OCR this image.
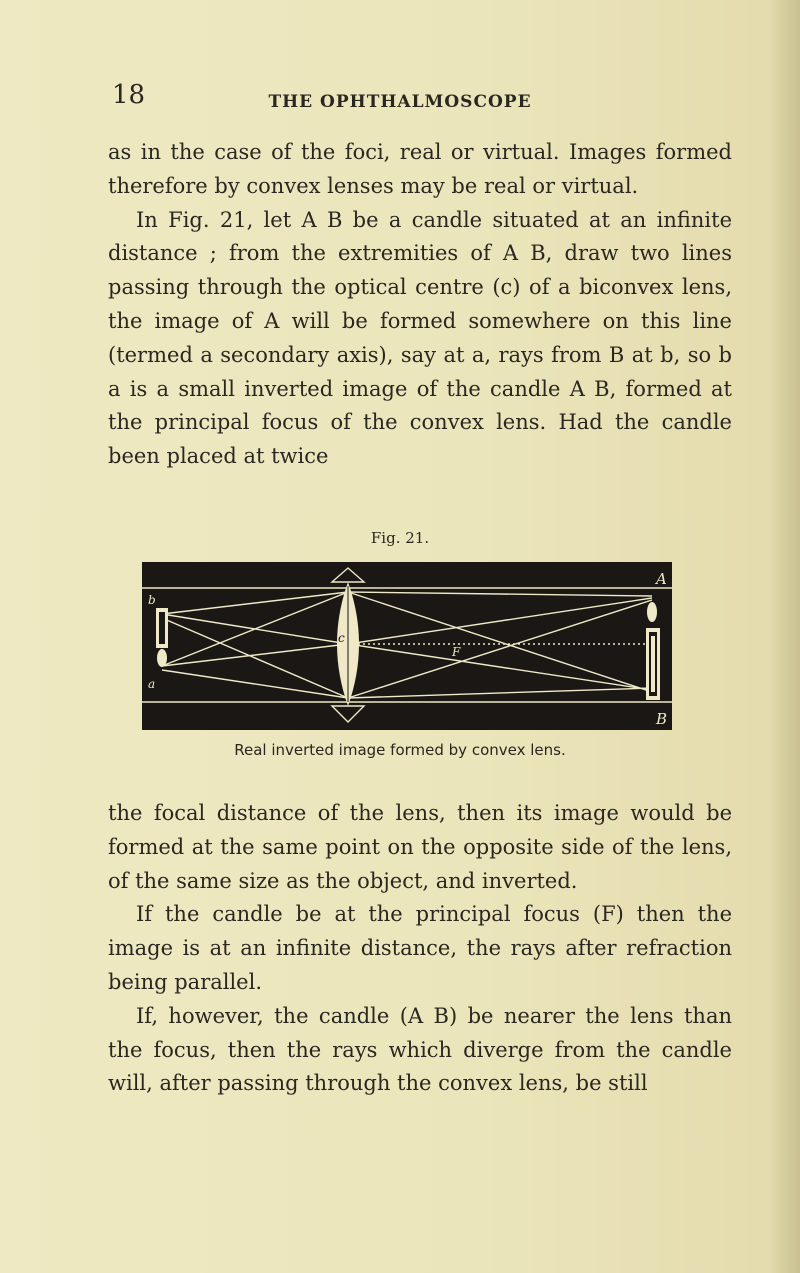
18	THE OPHTHALMOSCOPE

as in the case of the foci, real or virtual. Images formed therefore by convex lenses may be real or virtual.

In Fig. 21, let A B be a candle situated at an infinite distance ; from the extremities of A B, draw two lines passing through the optical centre (c) of a biconvex lens, the image of A will be formed somewhere on this line (termed a secondary axis), say at a, rays from B at b, so b a is a small inverted image of the candle A B, formed at the principal focus of the convex lens. Had the candle been placed at twice

Fig. 21.
A
B
a
b
c
F
Real inverted image formed by convex lens.

the focal distance of the lens, then its image would be formed at the same point on the opposite side of the lens, of the same size as the object, and inverted.

If the candle be at the principal focus (F) then the image is at an infinite distance, the rays after refraction being parallel.

If, however, the candle (A B) be nearer the lens than the focus, then the rays which diverge from the candle will, after passing through the convex lens, be still
